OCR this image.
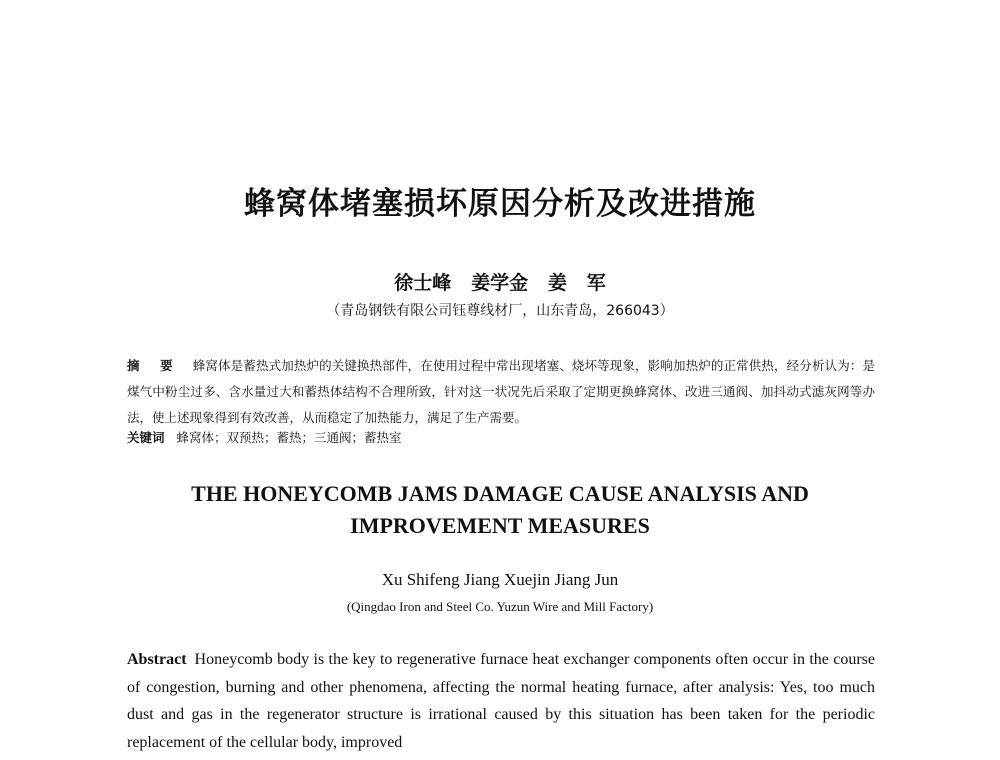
蜂窝体堵塞损坏原因分析及改进措施
徐士峰   姜学金   姜   军
（青岛钢铁有限公司钰尊线材厂，山东青岛，266043）
摘 要 蜂窝体是蓄热式加热炉的关键换热部件，在使用过程中常出现堵塞、烧坏等现象，影响加热炉的正常供热，经分析认为：是煤气中粉尘过多、含水量过大和蓄热体结构不合理所致，针对这一状况先后采取了定期更换蜂窝体、改进三通阀、加抖动式滤灰网等办法，使上述现象得到有效改善，从而稳定了加热能力，满足了生产需要。
关键词 蜂窝体；双预热；蓄热；三通阀；蓄热室
THE HONEYCOMB JAMS DAMAGE CAUSE ANALYSIS AND
IMPROVEMENT MEASURES
Xu Shifeng Jiang Xuejin Jiang Jun
(Qingdao Iron and Steel Co. Yuzun Wire and Mill Factory)
Abstract Honeycomb body is the key to regenerative furnace heat exchanger components often occur in the course of congestion, burning and other phenomena, affecting the normal heating furnace, after analysis: Yes, too much dust and gas in the regenerator structure is irrational caused by this situation has been taken for the periodic replacement of the cellular body, improved
